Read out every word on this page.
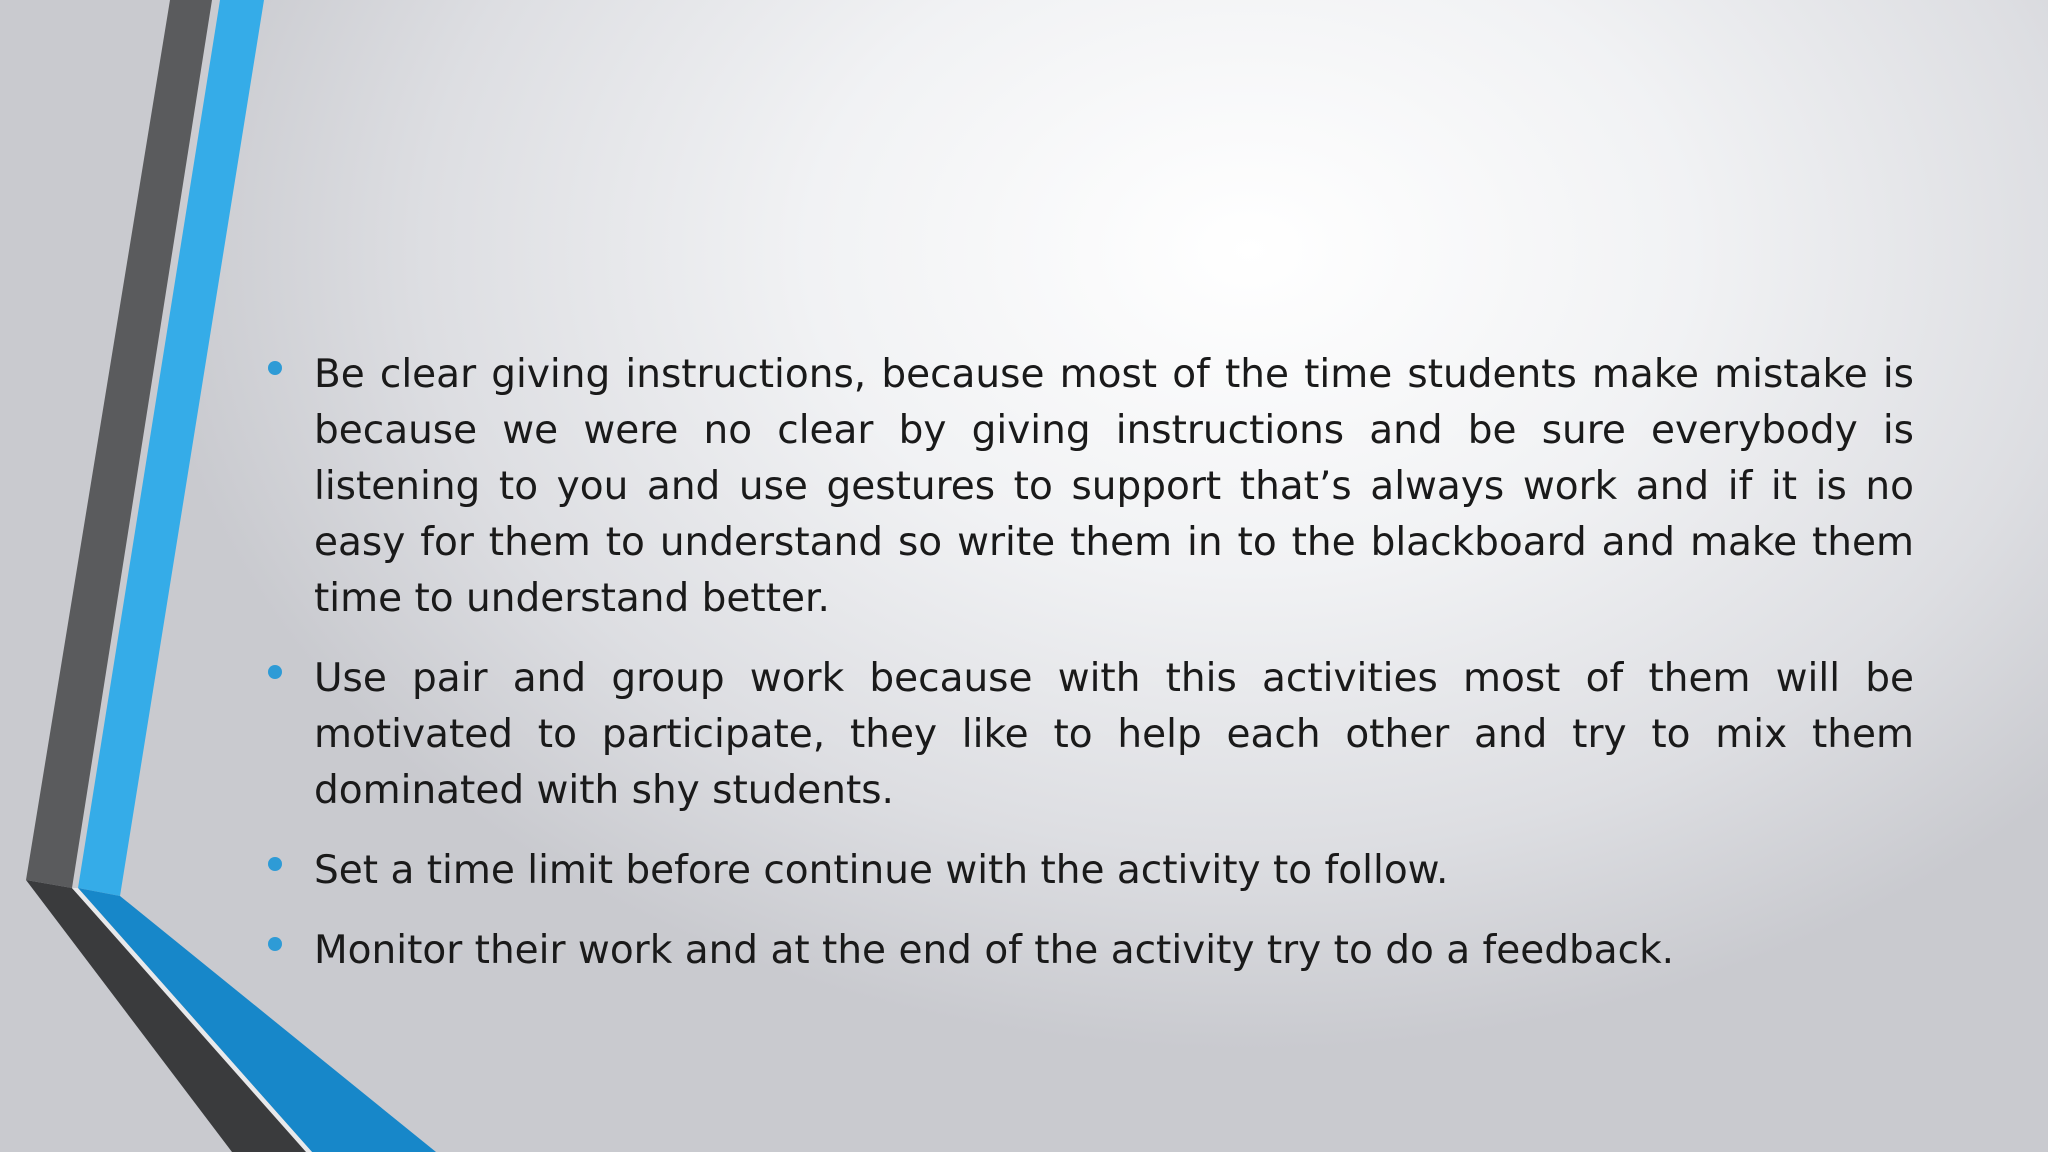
Be clear giving instructions, because most of the time students make mistake is because we were no clear by giving instructions and be sure everybody is listening to you and use gestures to support that’s always work and if it is no easy for them to understand so write them in to the blackboard and make them time to understand better.
Use pair and group work because with this activities most of them will be motivated to participate, they like to help each other and try to mix them dominated with shy students.
Set a time limit before continue with the activity to follow.
Monitor their work and at the end of the activity try to do a feedback.
